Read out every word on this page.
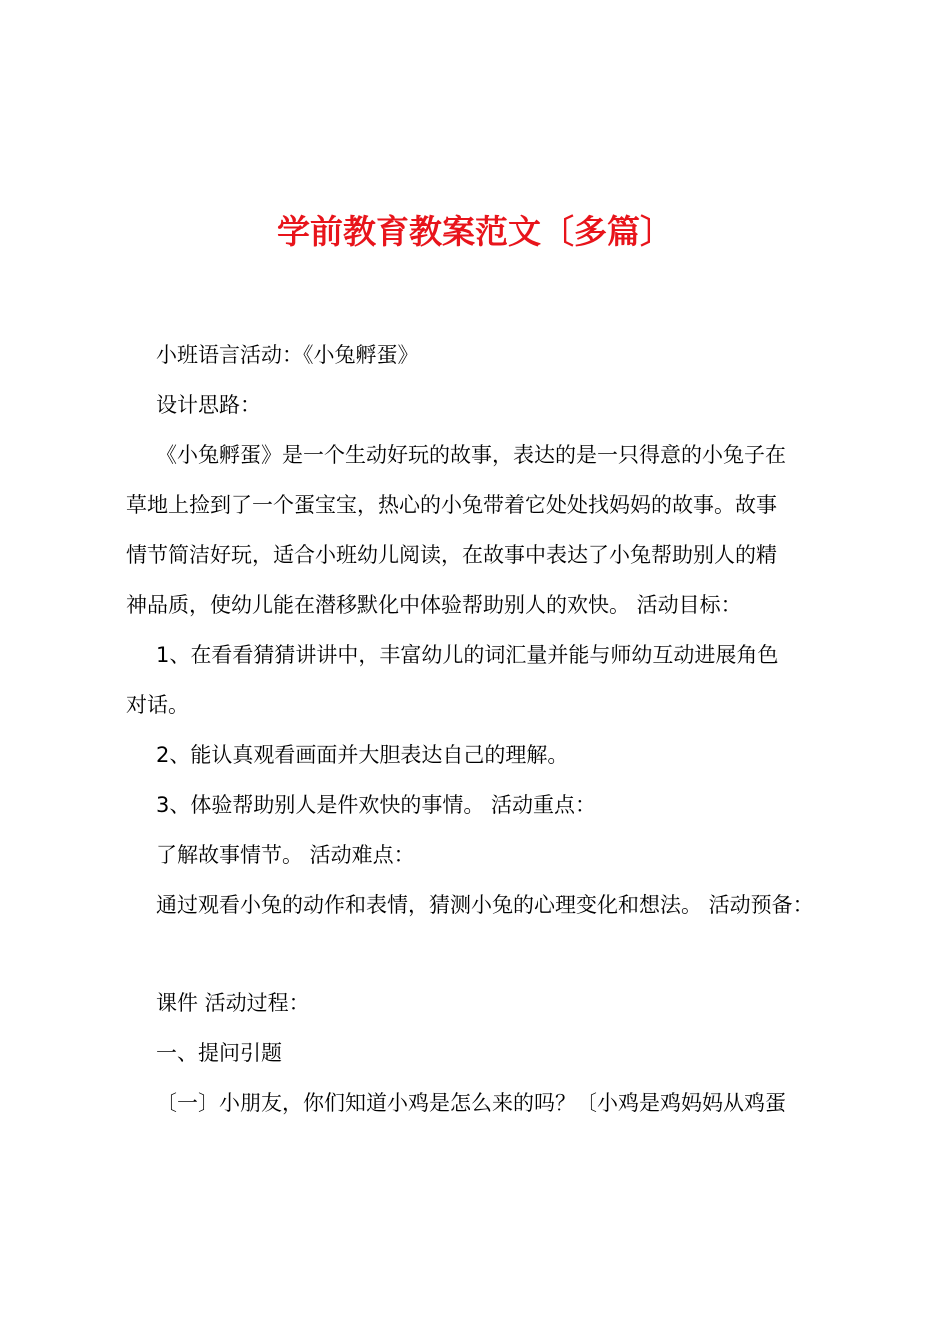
学前教育教案范文〔多篇〕
小班语言活动：《小兔孵蛋》
设计思路：
《小兔孵蛋》是一个生动好玩的故事，表达的是一只得意的小兔子在
草地上捡到了一个蛋宝宝，热心的小兔带着它处处找妈妈的故事。故事
情节简洁好玩，适合小班幼儿阅读，在故事中表达了小兔帮助别人的精
神品质，使幼儿能在潜移默化中体验帮助别人的欢快。 活动目标：
1、在看看猜猜讲讲中，丰富幼儿的词汇量并能与师幼互动进展角色
对话。
2、能认真观看画面并大胆表达自己的理解。
3、体验帮助别人是件欢快的事情。 活动重点：
了解故事情节。 活动难点：
通过观看小兔的动作和表情，猜测小兔的心理变化和想法。 活动预备：
课件 活动过程：
一、提问引题
〔一〕小朋友，你们知道小鸡是怎么来的吗？〔小鸡是鸡妈妈从鸡蛋
